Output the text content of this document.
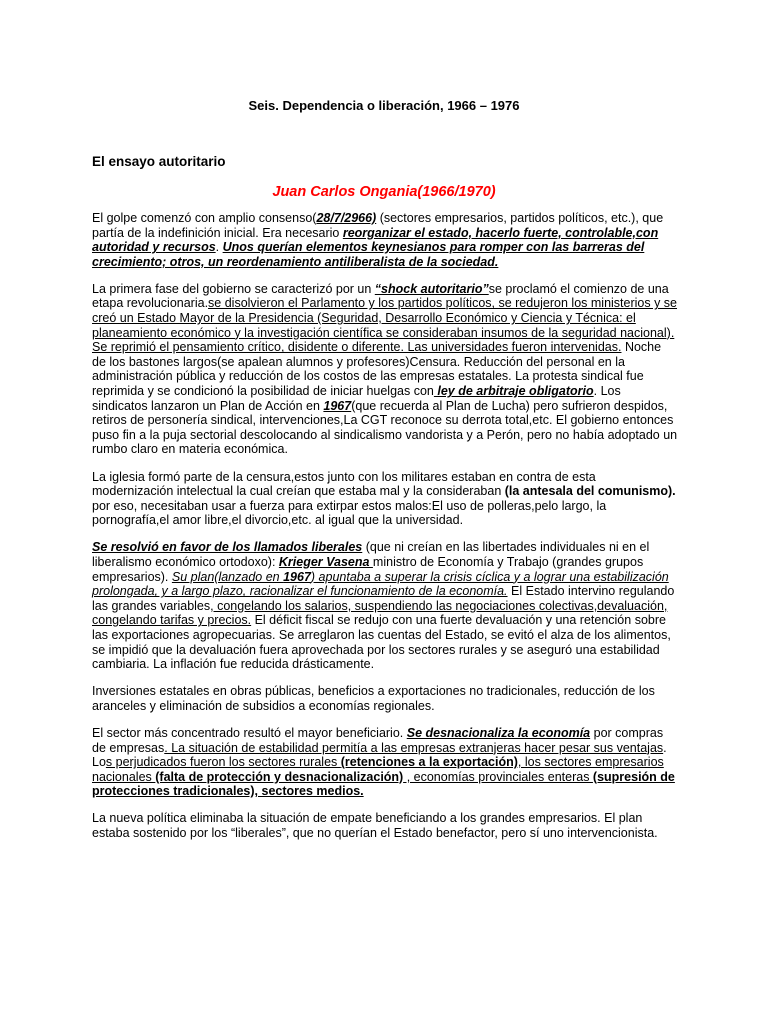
Seis. Dependencia o liberación, 1966 – 1976
El ensayo autoritario
Juan Carlos Ongania(1966/1970)

El golpe comenzó con amplio consenso(28/7/2966) (sectores empresarios, partidos políticos, etc.), que partía de la indefinición inicial. Era necesario reorganizar el estado, hacerlo fuerte, controlable,con autoridad y recursos. Unos querían elementos keynesianos para romper con las barreras del crecimiento; otros, un reordenamiento antiliberalista de la sociedad.

La primera fase del gobierno se caracterizó por un “shock autoritario”se proclamó el comienzo de una etapa revolucionaria.se disolvieron el Parlamento y los partidos políticos, se redujeron los ministerios y se creó un Estado Mayor de la Presidencia (Seguridad, Desarrollo Económico y Ciencia y Técnica: el planeamiento económico y la investigación científica se consideraban insumos de la seguridad nacional). Se reprimió el pensamiento crítico, disidente o diferente. Las universidades fueron intervenidas. Noche de los bastones largos(se apalean alumnos y profesores)Censura. Reducción del personal en la administración pública y reducción de los costos de las empresas estatales. La protesta sindical fue reprimida y se condicionó la posibilidad de iniciar huelgas con ley de arbitraje obligatorio. Los sindicatos lanzaron un Plan de Acción en 1967(que recuerda al Plan de Lucha) pero sufrieron despidos, retiros de personería sindical, intervenciones,La CGT reconoce su derrota total,etc. El gobierno entonces puso fin a la puja sectorial descolocando al sindicalismo vandorista y a Perón, pero no había adoptado un rumbo claro en materia económica.

La iglesia formó parte de la censura,estos junto con los militares estaban en contra de esta modernización intelectual la cual creían que estaba mal y la consideraban (la antesala del comunismo). por eso, necesitaban usar a fuerza para extirpar estos malos:El uso de polleras,pelo largo, la pornografía,el amor libre,el divorcio,etc. al igual que la universidad.

Se resolvió en favor de los llamados liberales (que ni creían en las libertades individuales ni en el liberalismo económico ortodoxo): Krieger Vasena ministro de Economía y Trabajo (grandes grupos empresarios). Su plan(lanzado en 1967) apuntaba a superar la crisis cíclica y a lograr una estabilización prolongada, y a largo plazo, racionalizar el funcionamiento de la economía. El Estado intervino regulando las grandes variables, congelando los salarios, suspendiendo las negociaciones colectivas,devaluación, congelando tarifas y precios. El déficit fiscal se redujo con una fuerte devaluación y una retención sobre las exportaciones agropecuarias. Se arreglaron las cuentas del Estado, se evitó el alza de los alimentos, se impidió que la devaluación fuera aprovechada por los sectores rurales y se aseguró una estabilidad cambiaria. La inflación fue reducida drásticamente.

Inversiones estatales en obras públicas, beneficios a exportaciones no tradicionales, reducción de los aranceles y eliminación de subsidios a economías regionales.

El sector más concentrado resultó el mayor beneficiario. Se desnacionaliza la economía por compras de empresas. La situación de estabilidad permitía a las empresas extranjeras hacer pesar sus ventajas. Los perjudicados fueron los sectores rurales (retenciones a la exportación), los sectores empresarios nacionales (falta de protección y desnacionalización) , economías provinciales enteras (supresión de protecciones tradicionales), sectores medios.

La nueva política eliminaba la situación de empate beneficiando a los grandes empresarios. El plan estaba sostenido por los “liberales”, que no querían el Estado benefactor, pero sí uno intervencionista.
